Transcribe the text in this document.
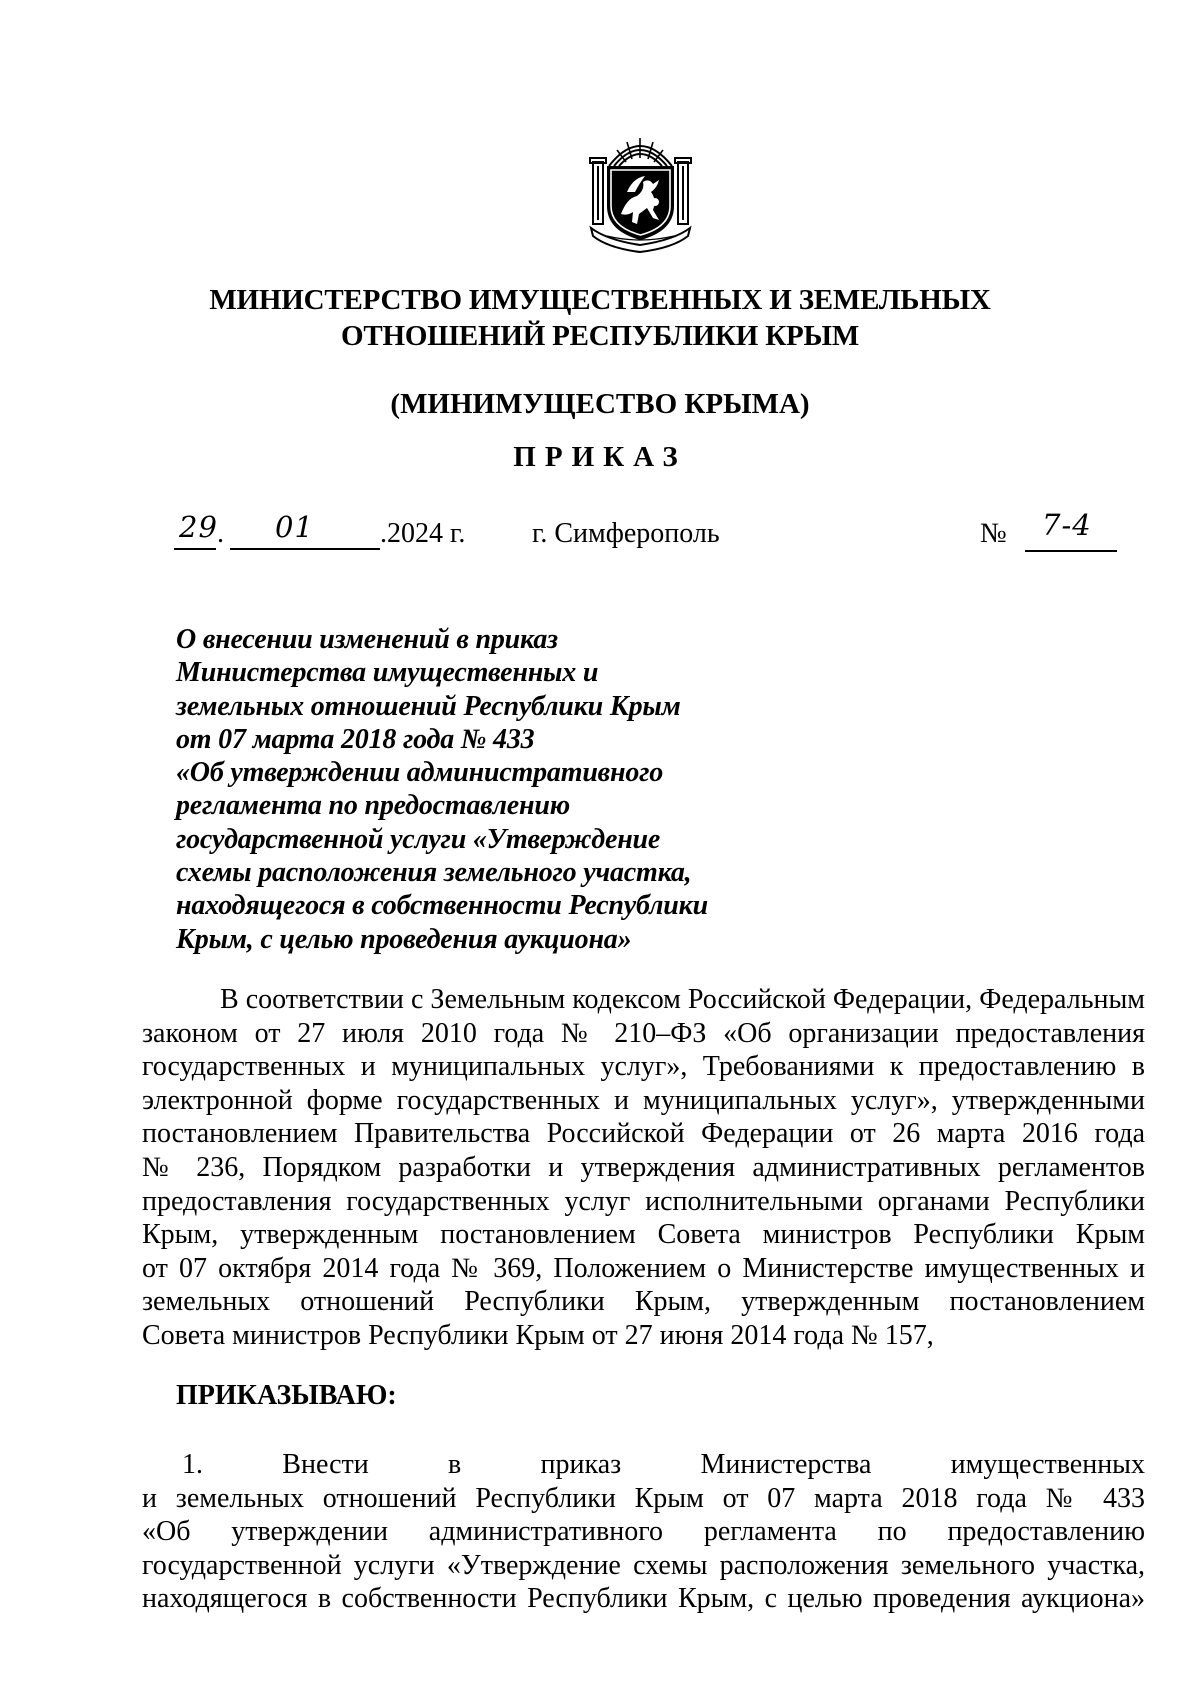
МИНИСТЕРСТВО ИМУЩЕСТВЕННЫХ И ЗЕМЕЛЬНЫХ
ОТНОШЕНИЙ РЕСПУБЛИКИ КРЫМ
(МИНИМУЩЕСТВО КРЫМА)
ПРИКАЗ
29 . 01 .2024 г. г. Симферополь	№ 7-4
О внесении изменений в приказ
Министерства имущественных и
земельных отношений Республики Крым
от 07 марта 2018 года № 433
«Об утверждении административного
регламента по предоставлению
государственной услуги «Утверждение
схемы расположения земельного участка,
находящегося в собственности Республики
Крым, с целью проведения аукциона»
В соответствии с Земельным кодексом Российской Федерации, Федеральным
законом от 27 июля 2010 года № 210–ФЗ «Об организации предоставления
государственных и муниципальных услуг», Требованиями к предоставлению в
электронной форме государственных и муниципальных услуг», утвержденными
постановлением Правительства Российской Федерации от 26 марта 2016 года
№ 236, Порядком разработки и утверждения административных регламентов
предоставления государственных услуг исполнительными органами Республики
Крым, утвержденным постановлением Совета министров Республики Крым
от 07 октября 2014 года № 369, Положением о Министерстве имущественных и
земельных отношений Республики Крым, утвержденным постановлением
Совета министров Республики Крым от 27 июня 2014 года № 157,
ПРИКАЗЫВАЮ:
1. Внести в приказ Министерства имущественных
и земельных отношений Республики Крым от 07 марта 2018 года № 433
«Об утверждении административного регламента по предоставлению
государственной услуги «Утверждение схемы расположения земельного участка,
находящегося в собственности Республики Крым, с целью проведения аукциона»
